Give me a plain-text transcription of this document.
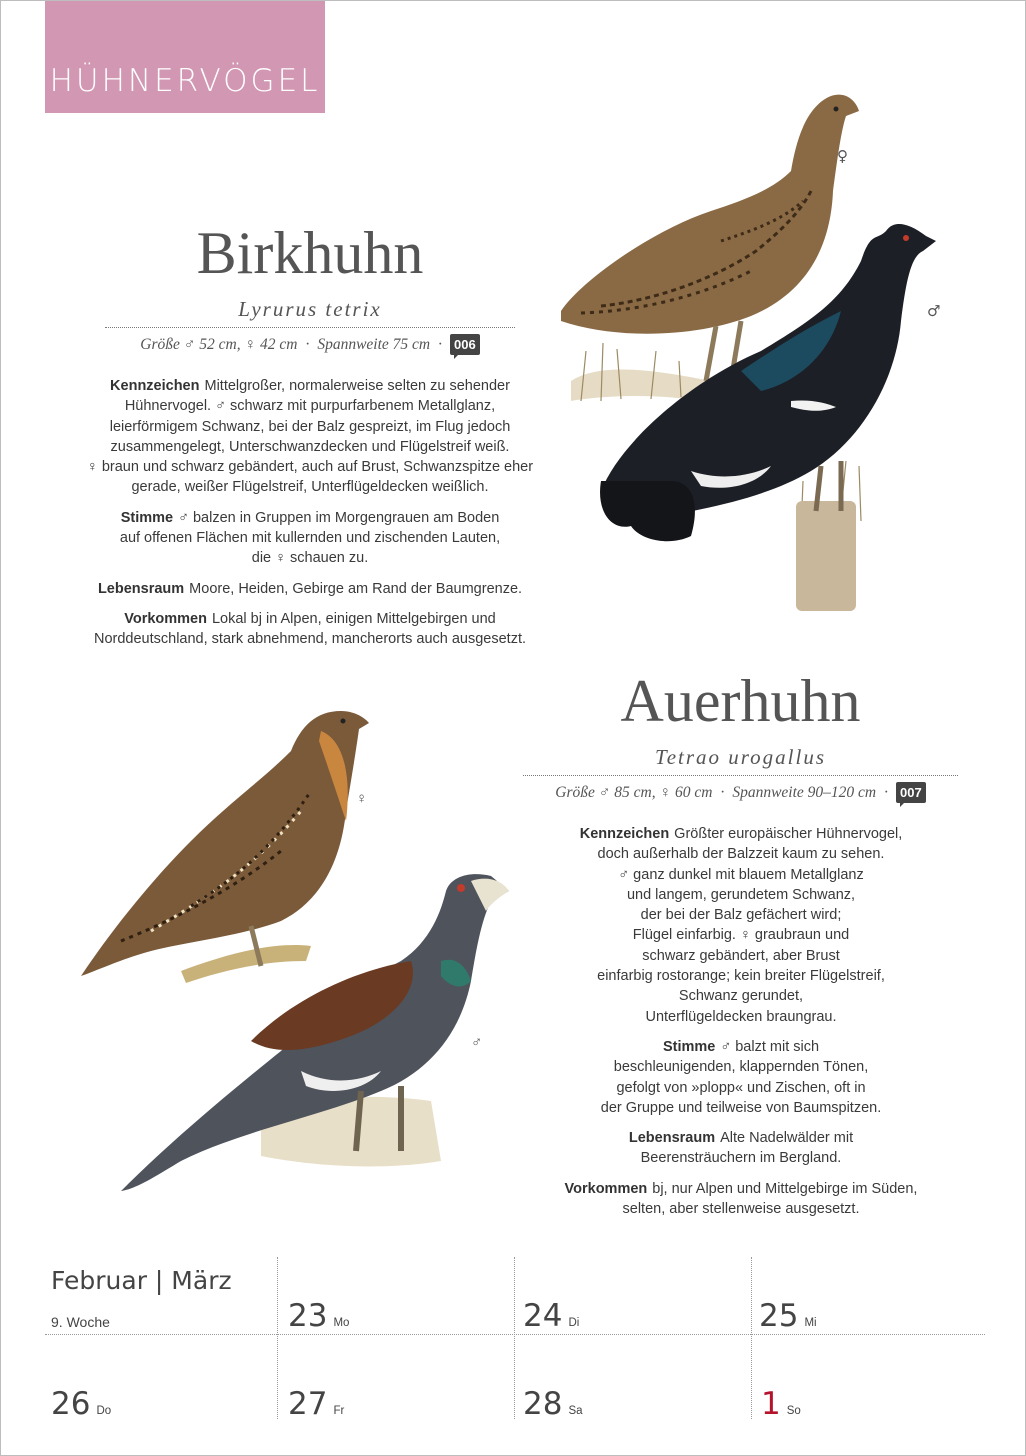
HÜHNERVÖGEL
Birkhuhn
Lyrurus tetrix
Größe ♂ 52 cm, ♀ 42 cm · Spannweite 75 cm · 006

Kennzeichen Mittelgroßer, normalerweise selten zu sehender
Hühnervogel. ♂ schwarz mit purpurfarbenem Metallglanz,
leierförmigem Schwanz, bei der Balz gespreizt, im Flug jedoch
zusammengelegt, Unterschwanzdecken und Flügelstreif weiß.
♀ braun und schwarz gebändert, auch auf Brust, Schwanzspitze eher
gerade, weißer Flügelstreif, Unterflügeldecken weißlich.

Stimme ♂ balzen in Gruppen im Morgengrauen am Boden
auf offenen Flächen mit kullernden und zischenden Lauten,
die ♀ schauen zu.

Lebensraum Moore, Heiden, Gebirge am Rand der Baumgrenze.

Vorkommen Lokal bj in Alpen, einigen Mittelgebirgen und
Norddeutschland, stark abnehmend, mancherorts auch ausgesetzt.

♀
♂
Auerhuhn
Tetrao urogallus
Größe ♂ 85 cm, ♀ 60 cm · Spannweite 90–120 cm · 007

Kennzeichen Größter europäischer Hühnervogel,
doch außerhalb der Balzzeit kaum zu sehen.
♂ ganz dunkel mit blauem Metallglanz
und langem, gerundetem Schwanz,
der bei der Balz gefächert wird;
Flügel einfarbig. ♀ graubraun und
schwarz gebändert, aber Brust
einfarbig rostorange; kein breiter Flügelstreif,
Schwanz gerundet,
Unterflügeldecken braungrau.

Stimme ♂ balzt mit sich
beschleunigenden, klappernden Tönen,
gefolgt von »plopp« und Zischen, oft in
der Gruppe und teilweise von Baumspitzen.

Lebensraum Alte Nadelwälder mit
Beerensträuchern im Bergland.

Vorkommen bj, nur Alpen und Mittelgebirge im Süden,
selten, aber stellenweise ausgesetzt.

♀
♂
Februar | März
9. Woche	23 Mo	24 Di	25 Mi
26 Do	27 Fr	28 Sa	1 So
